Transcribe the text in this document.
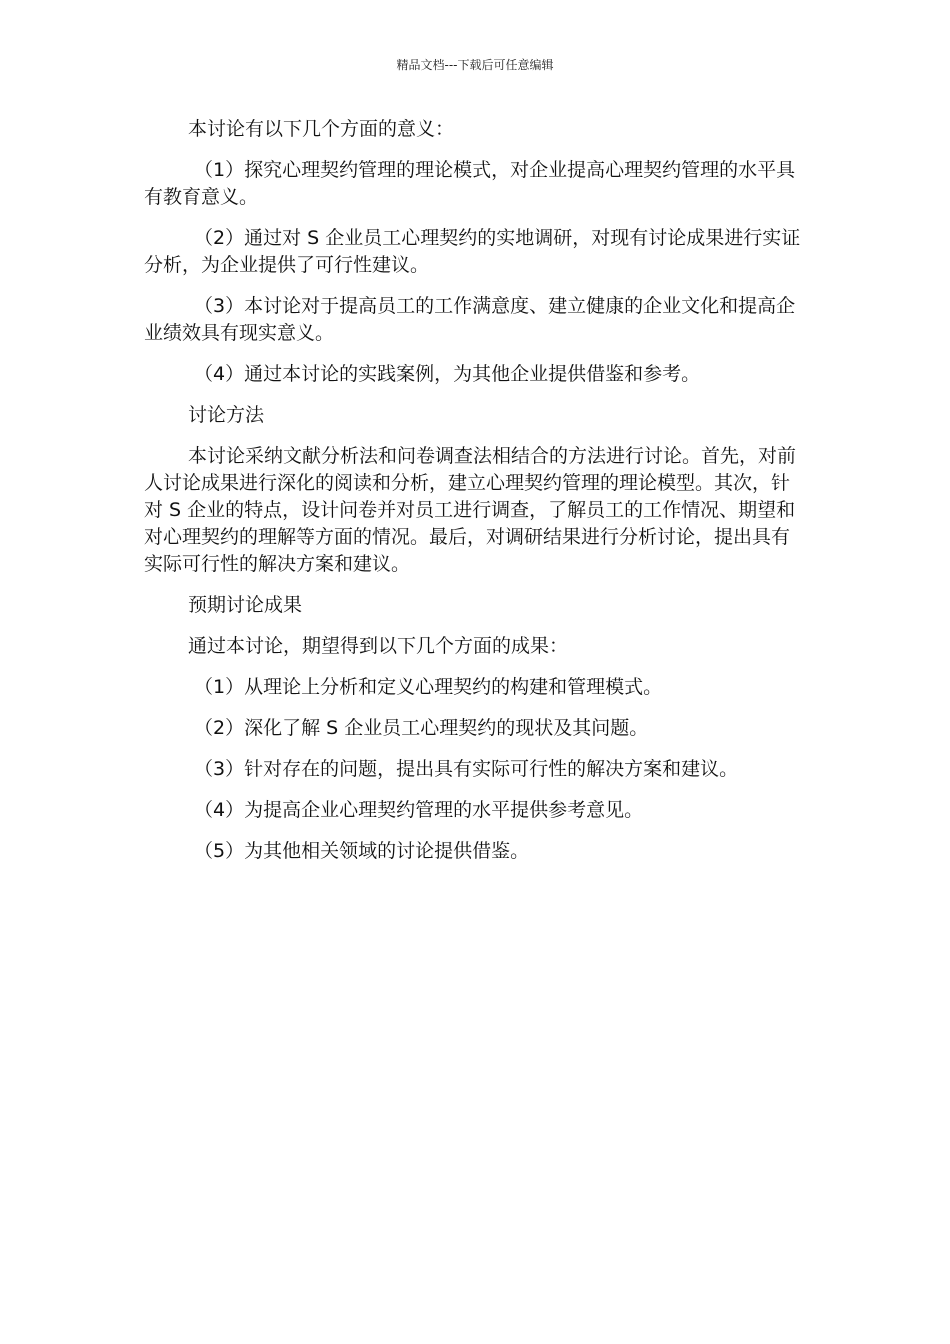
精品文档---下载后可任意编辑

本讨论有以下几个方面的意义：

（1）探究心理契约管理的理论模式，对企业提高心理契约管理的水平具有教育意义。

（2）通过对 S 企业员工心理契约的实地调研，对现有讨论成果进行实证分析，为企业提供了可行性建议。

（3）本讨论对于提高员工的工作满意度、建立健康的企业文化和提高企业绩效具有现实意义。

（4）通过本讨论的实践案例，为其他企业提供借鉴和参考。

讨论方法

本讨论采纳文献分析法和问卷调查法相结合的方法进行讨论。首先，对前人讨论成果进行深化的阅读和分析，建立心理契约管理的理论模型。其次，针对 S 企业的特点，设计问卷并对员工进行调查，了解员工的工作情况、期望和对心理契约的理解等方面的情况。最后，对调研结果进行分析讨论，提出具有实际可行性的解决方案和建议。

预期讨论成果

通过本讨论，期望得到以下几个方面的成果：

（1）从理论上分析和定义心理契约的构建和管理模式。

（2）深化了解 S 企业员工心理契约的现状及其问题。

（3）针对存在的问题，提出具有实际可行性的解决方案和建议。

（4）为提高企业心理契约管理的水平提供参考意见。

（5）为其他相关领域的讨论提供借鉴。
